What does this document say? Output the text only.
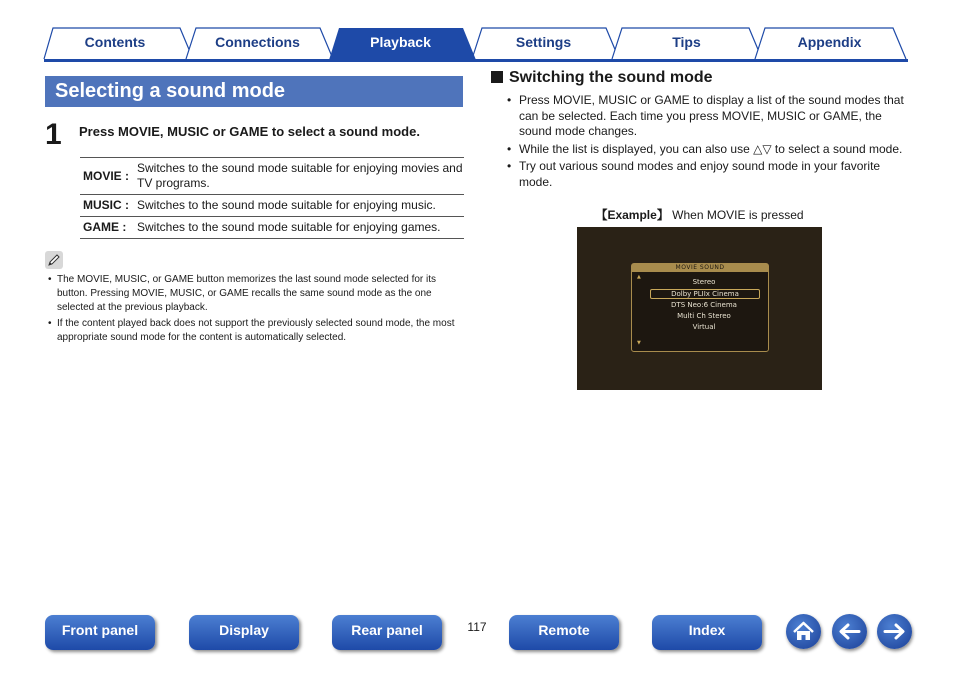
Contents	Connections	Playback	Settings	Tips	Appendix
Selecting a sound mode
1 Press MOVIE, MUSIC or GAME to select a sound mode.
MOVIE :	Switches to the sound mode suitable for enjoying movies and TV programs.
MUSIC :	Switches to the sound mode suitable for enjoying music.
GAME :	Switches to the sound mode suitable for enjoying games.
• The MOVIE, MUSIC, or GAME button memorizes the last sound mode selected for its button. Pressing MOVIE, MUSIC, or GAME recalls the same sound mode as the one selected at the previous playback.
• If the content played back does not support the previously selected sound mode, the most appropriate sound mode for the content is automatically selected.
Switching the sound mode
• Press MOVIE, MUSIC or GAME to display a list of the sound modes that can be selected. Each time you press MOVIE, MUSIC or GAME, the sound mode changes.
• While the list is displayed, you can also use △▽ to select a sound mode.
• Try out various sound modes and enjoy sound mode in your favorite mode.
【Example】 When MOVIE is pressed
MOVIE SOUND
▲
Stereo
Dolby PLIIx Cinema
DTS Neo:6 Cinema
Multi Ch Stereo
Virtual
▼
Front panel	Display	Rear panel	117	Remote	Index
